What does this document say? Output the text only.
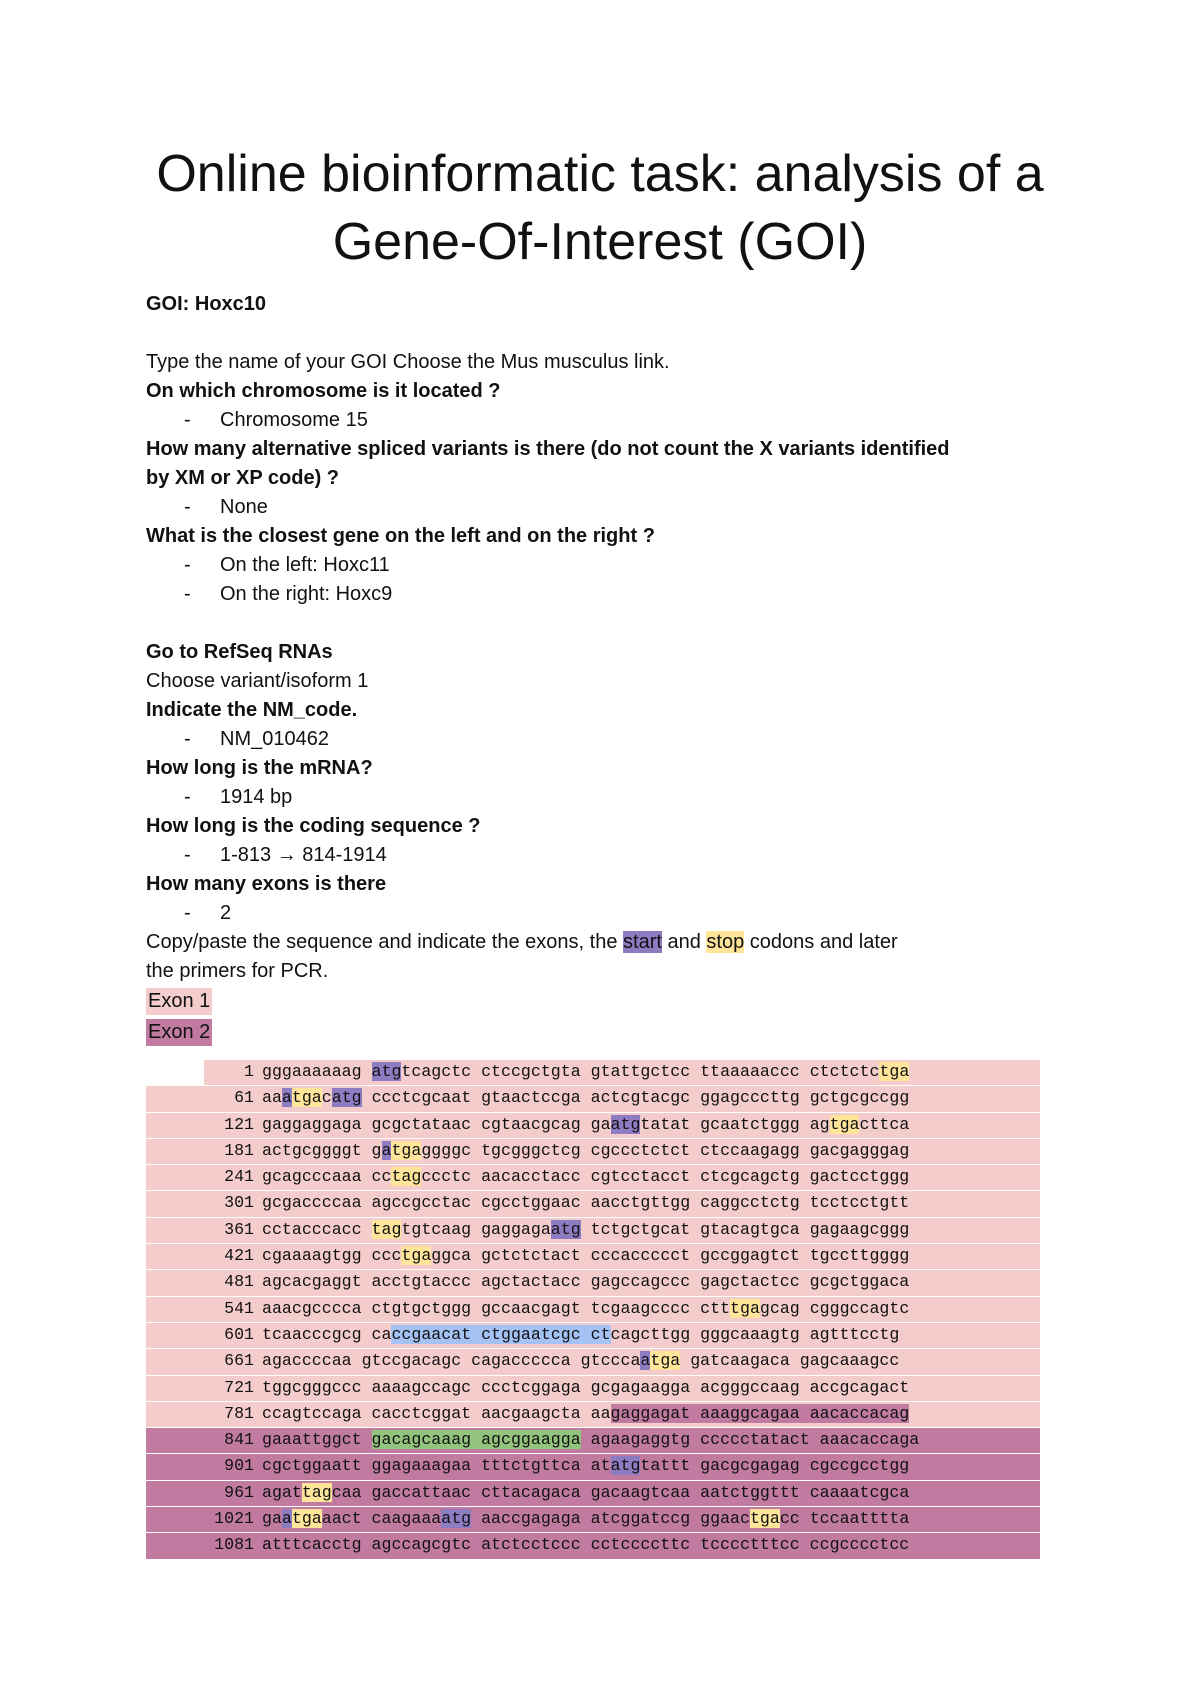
Online bioinformatic task: analysis of a
Gene-Of-Interest (GOI)
GOI: Hoxc10
Type the name of your GOI Choose the Mus musculus link.
On which chromosome is it located ?
- Chromosome 15
How many alternative spliced variants is there (do not count the X variants identified
by XM or XP code) ?
- None
What is the closest gene on the left and on the right ?
- On the left: Hoxc11
- On the right: Hoxc9
Go to RefSeq RNAs
Choose variant/isoform 1
Indicate the NM_code.
- NM_010462
How long is the mRNA?
- 1914 bp
How long is the coding sequence ?
- 1-813 → 814-1914
How many exons is there
- 2
Copy/paste the sequence and indicate the exons, the start and stop codons and later
the primers for PCR.
Exon 1
Exon 2
1 gggaaaaaag atgtcagctc ctccgctgta gtattgctcc ttaaaaaccc ctctctctga
61 aaatgacatg ccctcgcaat gtaactccga actcgtacgc ggagcccttg gctgcgccgg
121 gaggaggaga gcgctataac cgtaacgcag gaatgtatat gcaatctggg agtgacttca
181 actgcggggt gatgaggggc tgcgggctcg cgccctctct ctccaagagg gacgagggag
241 gcagcccaaa cctagccctc aacacctacc cgtcctacct ctcgcagctg gactcctggg
301 gcgaccccaa agccgcctac cgcctggaac aacctgttgg caggcctctg tcctcctgtt
361 cctacccacc tagtgtcaag gaggagaatg tctgctgcat gtacagtgca gagaagcggg
421 cgaaaagtgg ccctgaggca gctctctact cccaccccct gccggagtct tgccttgggg
481 agcacgaggt acctgtaccc agctactacc gagccagccc gagctactcc gcgctggaca
541 aaacgcccca ctgtgctggg gccaacgagt tcgaagcccc ctttgagcag cgggccagtc
601 tcaacccgcg caccgaacat ctggaatcgc ctcagcttgg gggcaaagtg agtttcctg
661 agaccccaa gtccgacagc cagaccccca gtcccaatga gatcaagaca gagcaaagcc
721 tggcgggccc aaaagccagc ccctcggaga gcgagaagga acgggccaag accgcagact
781 ccagtccaga cacctcggat aacgaagcta aagaggagat aaaggcagaa aacaccacag
841 gaaattggct gacagcaaag agcggaagga agaagaggtg ccccctatact aaacaccaga
901 cgctggaatt ggagaaagaa tttctgttca atatgtattt gacgcgagag cgccgcctgg
961 agattagcaa gaccattaac cttacagaca gacaagtcaa aatctggttt caaaatcgca
1021 gaatgaaact caagaaaatg aaccgagaga atcggatccg ggaactgacc tccaatttta
1081 atttcacctg agccagcgtc atctcctccc cctccccttc tcccctttcc ccgcccctcc
